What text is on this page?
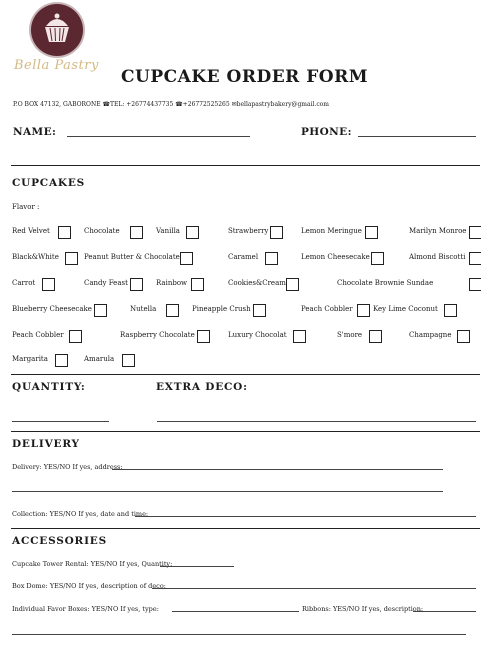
Bella Pastry
CUPCAKE ORDER FORM
P.O BOX 47132, GABORONE ☎TEL: +26774437735 ☎+26772525265 ✉bellapastrybakery@gmail.com
NAME:	PHONE:
CUPCAKES
Flavor :
Red Velvet	Chocolate	Vanilla	Strawberry	Lemon Meringue	Marilyn Monroe
Black&White	Peanut Butter & Chocolate	Caramel	Lemon Cheesecake	Almond Biscotti
Carrot	Candy Feast	Rainbow	Cookies&Cream	Chocolate Brownie Sundae
Blueberry Cheesecake	Nutella	Pineapple Crush	Peach Cobbler	Key Lime Coconut
Peach Cobbler	Raspberry Chocolate	Luxury Chocolat	S'more	Champagne
Margarita	Amarula
QUANTITY:	EXTRA DECO:
DELIVERY
Delivery: YES/NO If yes, address:
Collection: YES/NO If yes, date and time:
ACCESSORIES
Cupcake Tower Rental: YES/NO If yes, Quantity:
Box Dome: YES/NO If yes, description of deco:
Individual Favor Boxes: YES/NO If yes, type:	Ribbons: YES/NO If yes, description:
